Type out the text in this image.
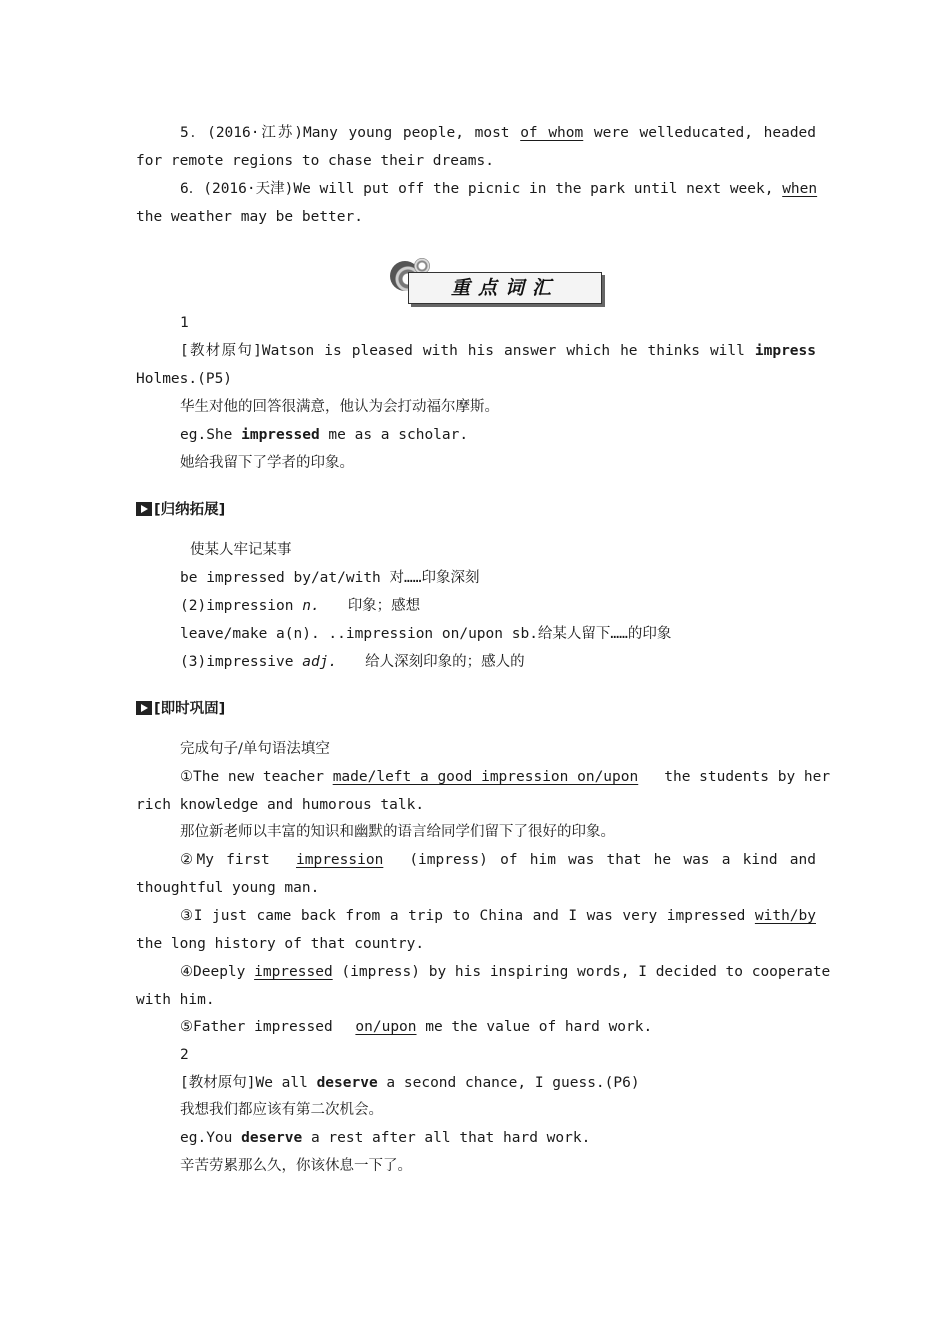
5．(2016·江苏)Many young people, most of whom were welleducated, headed
for remote regions to chase their dreams.
6．(2016·天津)We will put off the picnic in the park until next week, when
the weather may be better.
重点词汇
1
[教材原句]Watson is pleased with his answer which he thinks will impress
Holmes.(P5)
华生对他的回答很满意，他认为会打动福尔摩斯。
eg.She impressed me as a scholar.
她给我留下了学者的印象。
[归纳拓展]
使某人牢记某事
be impressed by/at/with 对……印象深刻
(2)impression n. 印象；感想
leave/make a(n). ..impression on/upon sb.给某人留下……的印象
(3)impressive adj. 给人深刻印象的；感人的
[即时巩固]
完成句子/单句语法填空
①The new teacher made/left a good impression on/upon the students by her
rich knowledge and humorous talk.
那位新老师以丰富的知识和幽默的语言给同学们留下了很好的印象。
②My first impression (impress) of him was that he was a kind and
thoughtful young man.
③I just came back from a trip to China and I was very impressed with/by
the long history of that country.
④Deeply impressed (impress) by his inspiring words, I decided to cooperate
with him.
⑤Father impressed on/upon me the value of hard work.
2
[教材原句]We all deserve a second chance, I guess.(P6)
我想我们都应该有第二次机会。
eg.You deserve a rest after all that hard work.
辛苦劳累那么久，你该休息一下了。
